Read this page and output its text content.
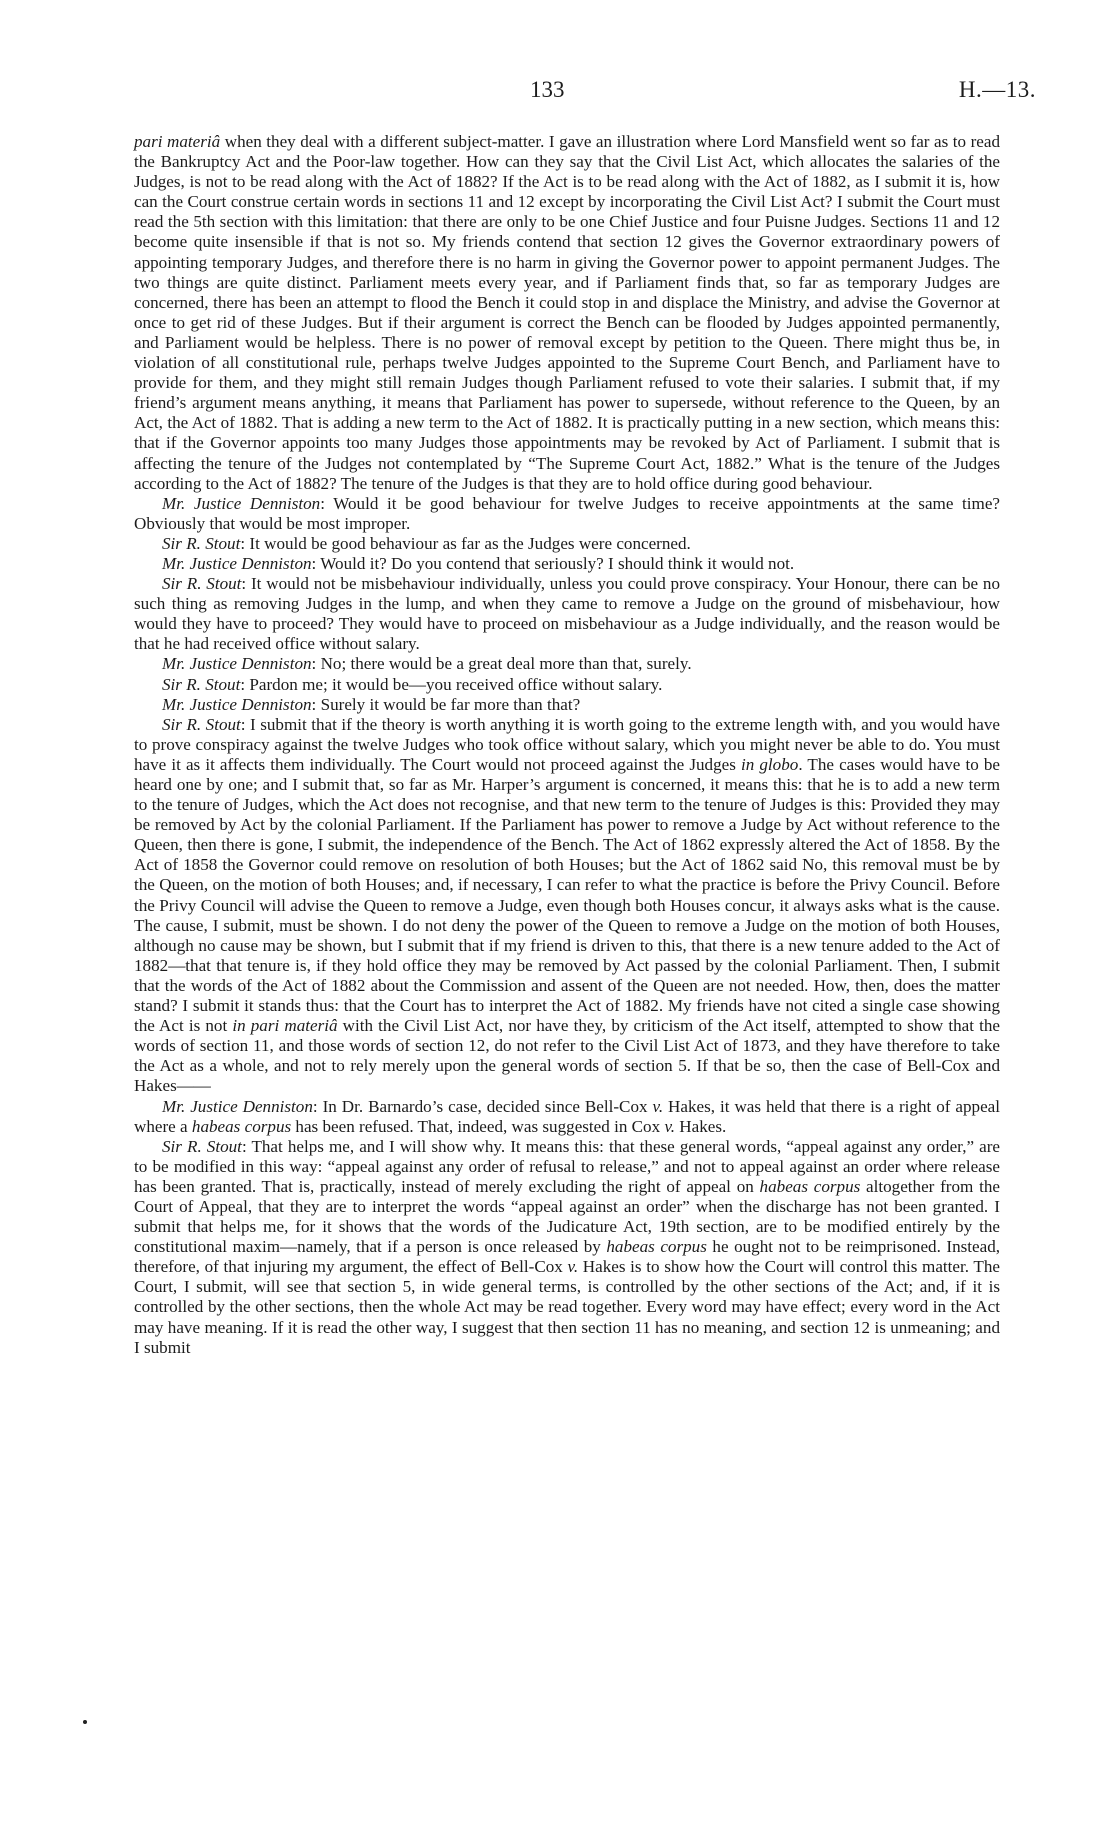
133	H.—13.

pari materiâ when they deal with a different subject-matter. I gave an illustration where Lord Mansfield went so far as to read the Bankruptcy Act and the Poor-law together. How can they say that the Civil List Act, which allocates the salaries of the Judges, is not to be read along with the Act of 1882? If the Act is to be read along with the Act of 1882, as I submit it is, how can the Court construe certain words in sections 11 and 12 except by incorporating the Civil List Act? I submit the Court must read the 5th section with this limitation: that there are only to be one Chief Justice and four Puisne Judges. Sections 11 and 12 become quite insensible if that is not so. My friends contend that section 12 gives the Governor extraordinary powers of appointing temporary Judges, and therefore there is no harm in giving the Governor power to appoint permanent Judges. The two things are quite distinct. Parliament meets every year, and if Parliament finds that, so far as temporary Judges are concerned, there has been an attempt to flood the Bench it could stop in and displace the Ministry, and advise the Governor at once to get rid of these Judges. But if their argument is correct the Bench can be flooded by Judges appointed permanently, and Parliament would be helpless. There is no power of removal except by petition to the Queen. There might thus be, in violation of all constitutional rule, perhaps twelve Judges appointed to the Supreme Court Bench, and Parliament have to provide for them, and they might still remain Judges though Parliament refused to vote their salaries. I submit that, if my friend’s argument means anything, it means that Parliament has power to supersede, without reference to the Queen, by an Act, the Act of 1882. That is adding a new term to the Act of 1882. It is practically putting in a new section, which means this: that if the Governor appoints too many Judges those appointments may be revoked by Act of Parliament. I submit that is affecting the tenure of the Judges not contemplated by “The Supreme Court Act, 1882.” What is the tenure of the Judges according to the Act of 1882? The tenure of the Judges is that they are to hold office during good behaviour.

Mr. Justice Denniston: Would it be good behaviour for twelve Judges to receive appointments at the same time? Obviously that would be most improper.

Sir R. Stout: It would be good behaviour as far as the Judges were concerned.

Mr. Justice Denniston: Would it? Do you contend that seriously? I should think it would not.

Sir R. Stout: It would not be misbehaviour individually, unless you could prove conspiracy. Your Honour, there can be no such thing as removing Judges in the lump, and when they came to remove a Judge on the ground of misbehaviour, how would they have to proceed? They would have to proceed on misbehaviour as a Judge individually, and the reason would be that he had received office without salary.

Mr. Justice Denniston: No; there would be a great deal more than that, surely.

Sir R. Stout: Pardon me; it would be—you received office without salary.

Mr. Justice Denniston: Surely it would be far more than that?

Sir R. Stout: I submit that if the theory is worth anything it is worth going to the extreme length with, and you would have to prove conspiracy against the twelve Judges who took office without salary, which you might never be able to do. You must have it as it affects them individually. The Court would not proceed against the Judges in globo. The cases would have to be heard one by one; and I submit that, so far as Mr. Harper’s argument is concerned, it means this: that he is to add a new term to the tenure of Judges, which the Act does not recognise, and that new term to the tenure of Judges is this: Provided they may be removed by Act by the colonial Parliament. If the Parliament has power to remove a Judge by Act without reference to the Queen, then there is gone, I submit, the independence of the Bench. The Act of 1862 expressly altered the Act of 1858. By the Act of 1858 the Governor could remove on resolution of both Houses; but the Act of 1862 said No, this removal must be by the Queen, on the motion of both Houses; and, if necessary, I can refer to what the practice is before the Privy Council. Before the Privy Council will advise the Queen to remove a Judge, even though both Houses concur, it always asks what is the cause. The cause, I submit, must be shown. I do not deny the power of the Queen to remove a Judge on the motion of both Houses, although no cause may be shown, but I submit that if my friend is driven to this, that there is a new tenure added to the Act of 1882—that that tenure is, if they hold office they may be removed by Act passed by the colonial Parliament. Then, I submit that the words of the Act of 1882 about the Commission and assent of the Queen are not needed. How, then, does the matter stand? I submit it stands thus: that the Court has to interpret the Act of 1882. My friends have not cited a single case showing the Act is not in pari materiâ with the Civil List Act, nor have they, by criticism of the Act itself, attempted to show that the words of section 11, and those words of section 12, do not refer to the Civil List Act of 1873, and they have therefore to take the Act as a whole, and not to rely merely upon the general words of section 5. If that be so, then the case of Bell-Cox and Hakes——

Mr. Justice Denniston: In Dr. Barnardo’s case, decided since Bell-Cox v. Hakes, it was held that there is a right of appeal where a habeas corpus has been refused. That, indeed, was suggested in Cox v. Hakes.

Sir R. Stout: That helps me, and I will show why. It means this: that these general words, “appeal against any order,” are to be modified in this way: “appeal against any order of refusal to release,” and not to appeal against an order where release has been granted. That is, practically, instead of merely excluding the right of appeal on habeas corpus altogether from the Court of Appeal, that they are to interpret the words “appeal against an order” when the discharge has not been granted. I submit that helps me, for it shows that the words of the Judicature Act, 19th section, are to be modified entirely by the constitutional maxim—namely, that if a person is once released by habeas corpus he ought not to be reimprisoned. Instead, therefore, of that injuring my argument, the effect of Bell-Cox v. Hakes is to show how the Court will control this matter. The Court, I submit, will see that section 5, in wide general terms, is controlled by the other sections of the Act; and, if it is controlled by the other sections, then the whole Act may be read together. Every word may have effect; every word in the Act may have meaning. If it is read the other way, I suggest that then section 11 has no meaning, and section 12 is unmeaning; and I submit
